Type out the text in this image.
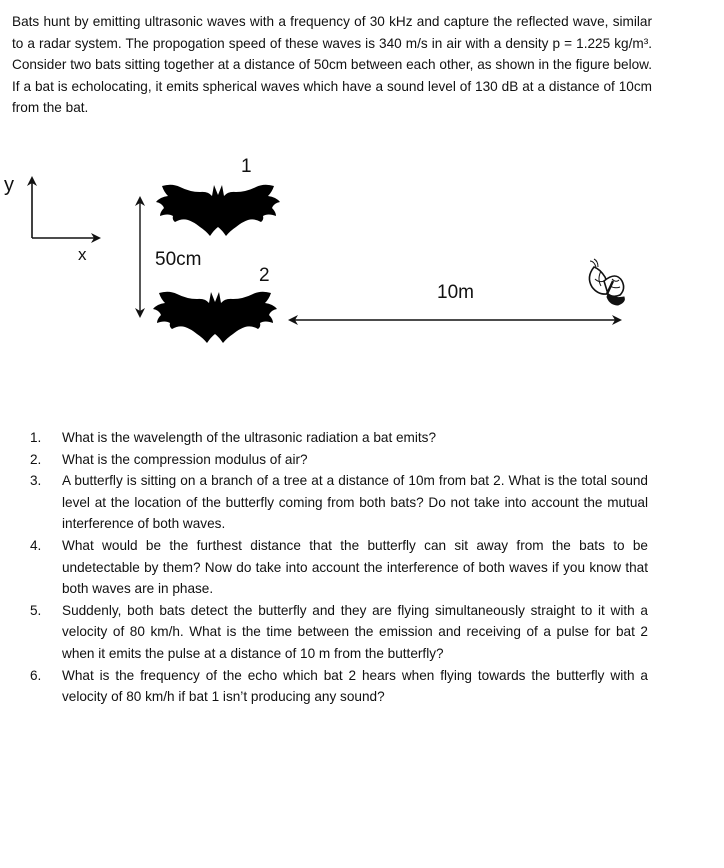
Bats hunt by emitting ultrasonic waves with a frequency of 30 kHz and capture the reflected wave, similar to a radar system. The propogation speed of these waves is 340 m/s in air with a density p = 1.225 kg/m³. Consider two bats sitting together at a distance of 50cm between each other, as shown in the figure below. If a bat is echolocating, it emits spherical waves which have a sound level of 130 dB at a distance of 10cm from the bat.

y
x
1
2
50cm
10m
1. What is the wavelength of the ultrasonic radiation a bat emits?
2. What is the compression modulus of air?
3. A butterfly is sitting on a branch of a tree at a distance of 10m from bat 2. What is the total sound level at the location of the butterfly coming from both bats? Do not take into account the mutual interference of both waves.
4. What would be the furthest distance that the butterfly can sit away from the bats to be undetectable by them? Now do take into account the interference of both waves if you know that both waves are in phase.
5. Suddenly, both bats detect the butterfly and they are flying simultaneously straight to it with a velocity of 80 km/h. What is the time between the emission and receiving of a pulse for bat 2 when it emits the pulse at a distance of 10 m from the butterfly?
6. What is the frequency of the echo which bat 2 hears when flying towards the butterfly with a velocity of 80 km/h if bat 1 isn’t producing any sound?
